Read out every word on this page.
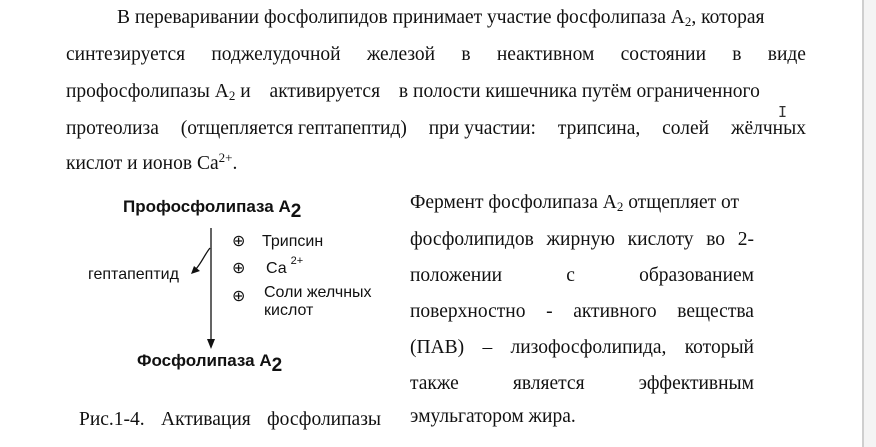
В переваривании фосфолипидов принимает участие фосфолипаза $А_2$, которая
синтезируется поджелудочной железой в неактивном состоянии в виде
профосфолипазы $А_2$ и активируется в полости кишечника путём ограниченного
протеолиза (отщепляется гептапептид) при участии: трипсина, солей жёлчных
кислот и ионов $Са^{2+}$.
Профосфолипаза А2
гептапептид
⊕ Трипсин
⊕ Са $^{2+}$
⊕ Соли желчных
кислот
Фосфолипаза А2
Рис.1-4. Активация фосфолипазы
Фермент фосфолипаза $А_2$ отщепляет от
фосфолипидов жирную кислоту во 2-
положении	с	образованием
поверхностно - активного вещества
(ПАВ) – лизофосфолипида, который
также	является	эффективным
эмульгатором жира.
I
